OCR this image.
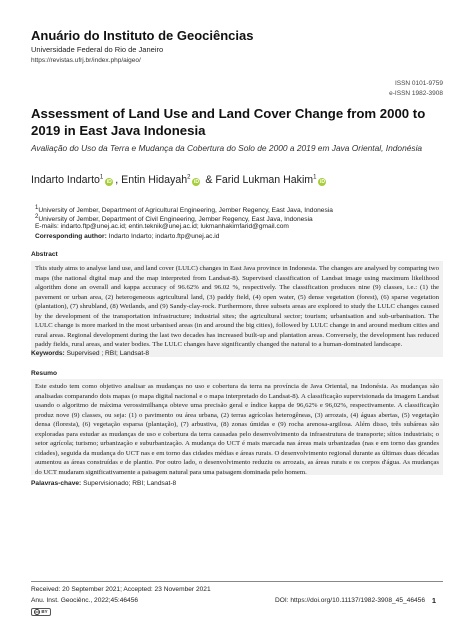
Anuário do Instituto de Geociências
Universidade Federal do Rio de Janeiro
https://revistas.ufrj.br/index.php/aigeo/
ISSN 0101-9759
e-ISSN 1982-3908
Assessment of Land Use and Land Cover Change from 2000 to 2019 in East Java Indonesia
Avaliação do Uso da Terra e Mudança da Cobertura do Solo de 2000 a 2019 em Java Oriental, Indonésia
Indarto Indarto$^1$iD , Entin Hidayah$^2$iD & Farid Lukman Hakim$^1$iD
1University of Jember, Department of Agricultural Engineering, Jember Regency, East Java, Indonesia
2University of Jember, Department of Civil Engineering, Jember Regency, East Java, Indonesia
E-mails: indarto.ftp@unej.ac.id; entin.teknik@unej.ac.id; lukmanhakimfarid@gmail.com
Corresponding author: Indarto Indarto; indarto.ftp@unej.ac.id
Abstract
This study aims to analyse land use, and land cover (LULC) changes in East Java province in Indonesia. The changes are analysed by comparing two maps (the national digital map and the map interpreted from Landsat-8). Supervised classification of Landsat image using maximum likelihood algorithm done an overall and kappa accuracy of 96.62% and 96.02 %, respectively. The classification produces nine (9) classes, i.e.: (1) the pavement or urban area, (2) heterogeneous agricultural land, (3) paddy field, (4) open water, (5) dense vegetation (forest), (6) sparse vegetation (plantation), (7) shrubland, (8) Wetlands, and (9) Sandy-clay-rock. Furthermore, three subsets areas are explored to study the LULC changes caused by the development of the transportation infrastructure; industrial sites; the agricultural sector; tourism; urbanisation and sub-urbanisation. The LULC change is more marked in the most urbanised areas (in and around the big cities), followed by LULC change in and around medium cities and rural areas. Regional development during the last two decades has increased built-up and plantation areas. Conversely, the development has reduced paddy fields, rural areas, and water bodies. The LULC changes have significantly changed the natural to a human-dominated landscape.
Keywords: Supervised ; RBI; Landsat-8
Resumo
Este estudo tem como objetivo analisar as mudanças no uso e cobertura da terra na província de Java Oriental, na Indonésia. As mudanças são analisadas comparando dois mapas (o mapa digital nacional e o mapa interpretado do Landsat-8). A classificação supervisionada da imagem Landsat usando o algoritmo de máxima verossimilhança obteve uma precisão geral e índice kappa de 96,62% e 96,02%, respectivamente. A classificação produz nove (9) classes, ou seja: (1) o pavimento ou área urbana, (2) terras agrícolas heterogêneas, (3) arrozais, (4) águas abertas, (5) vegetação densa (floresta), (6) vegetação esparsa (plantação), (7) arbustiva, (8) zonas úmidas e (9) rocha arenosa-argilosa. Além disso, três subáreas são exploradas para estudar as mudanças de uso e cobertura da terra causadas pelo desenvolvimento da infraestrutura de transporte; sítios industriais; o setor agrícola; turismo; urbanização e suburbanização. A mudança do UCT é mais marcada nas áreas mais urbanizadas (nas e em torno das grandes cidades), seguida da mudança do UCT nas e em torno das cidades médias e áreas rurais. O desenvolvimento regional durante as últimas duas décadas aumentou as áreas construídas e de plantio. Por outro lado, o desenvolvimento reduziu os arrozais, as áreas rurais e os corpos d'água. As mudanças do UCT mudaram significativamente a paisagem natural para uma paisagem dominada pelo homem.
Palavras-chave: Supervisionado; RBI; Landsat-8
Received: 20 September 2021; Accepted: 23 November 2021
Anu. Inst. Geociênc., 2022;45:46456	DOI: https://doi.org/10.11137/1982-3908_45_46456 1
cc BY
